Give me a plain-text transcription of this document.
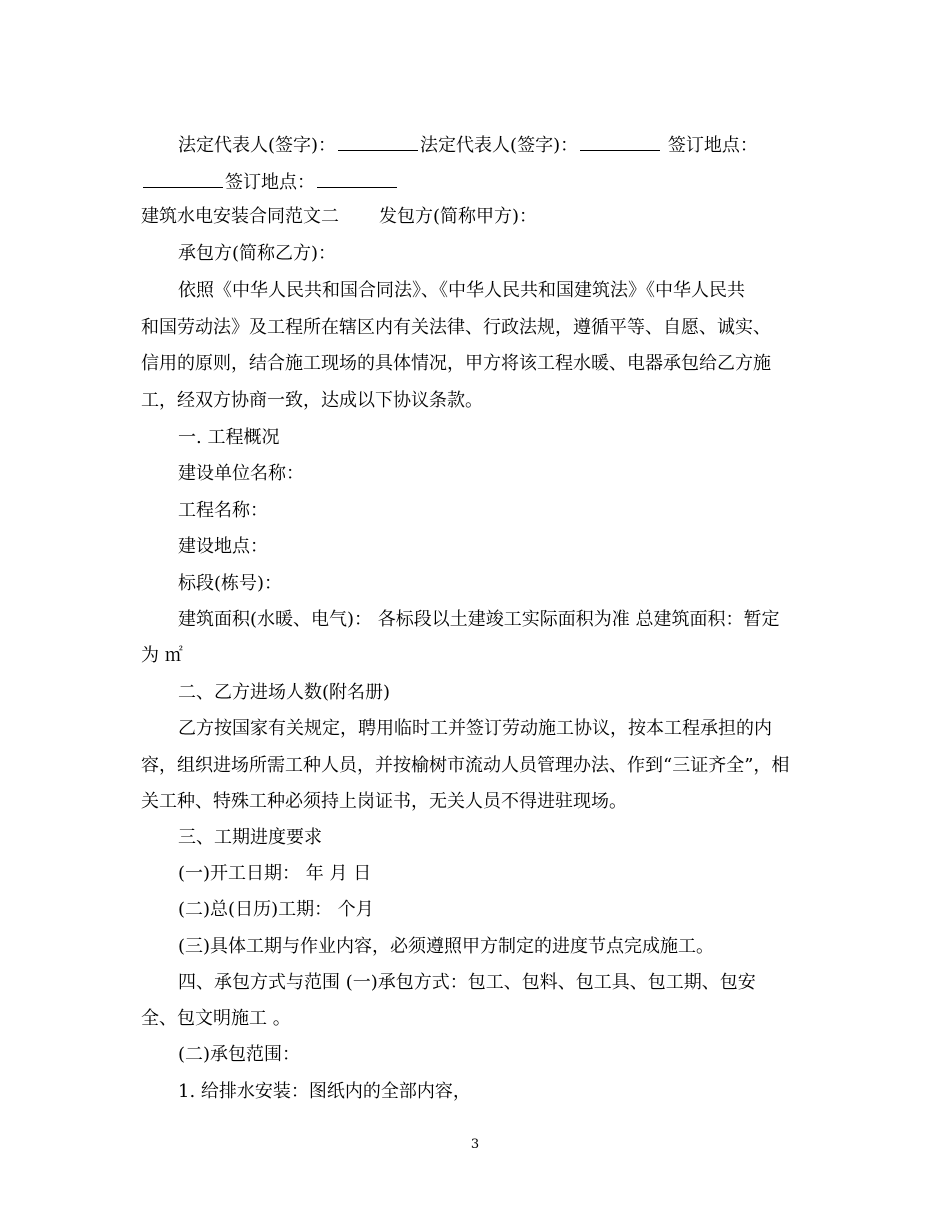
法定代表人(签字)：	法定代表人(签字)：	签订地点：
签订地点：
建筑水电安装合同范文二 发包方(简称甲方)：
承包方(简称乙方)：
依照《中华人民共和国合同法》、《中华人民共和国建筑法》《中华人民共
和国劳动法》及工程所在辖区内有关法律、行政法规，遵循平等、自愿、诚实、
信用的原则，结合施工现场的具体情况，甲方将该工程水暖、电器承包给乙方施
工，经双方协商一致，达成以下协议条款。
一. 工程概况
建设单位名称：
工程名称：
建设地点：
标段(栋号)：
建筑面积(水暖、电气)： 各标段以土建竣工实际面积为准 总建筑面积：暂定
为 ㎡
二、乙方进场人数(附名册)
乙方按国家有关规定，聘用临时工并签订劳动施工协议，按本工程承担的内
容，组织进场所需工种人员，并按榆树市流动人员管理办法、作到“三证齐全”，相
关工种、特殊工种必须持上岗证书，无关人员不得进驻现场。
三、工期进度要求
(一)开工日期： 年 月 日
(二)总(日历)工期： 个月
(三)具体工期与作业内容，必须遵照甲方制定的进度节点完成施工。
四、承包方式与范围 (一)承包方式：包工、包料、包工具、包工期、包安
全、包文明施工 。
(二)承包范围：
1. 给排水安装：图纸内的全部内容，
3
